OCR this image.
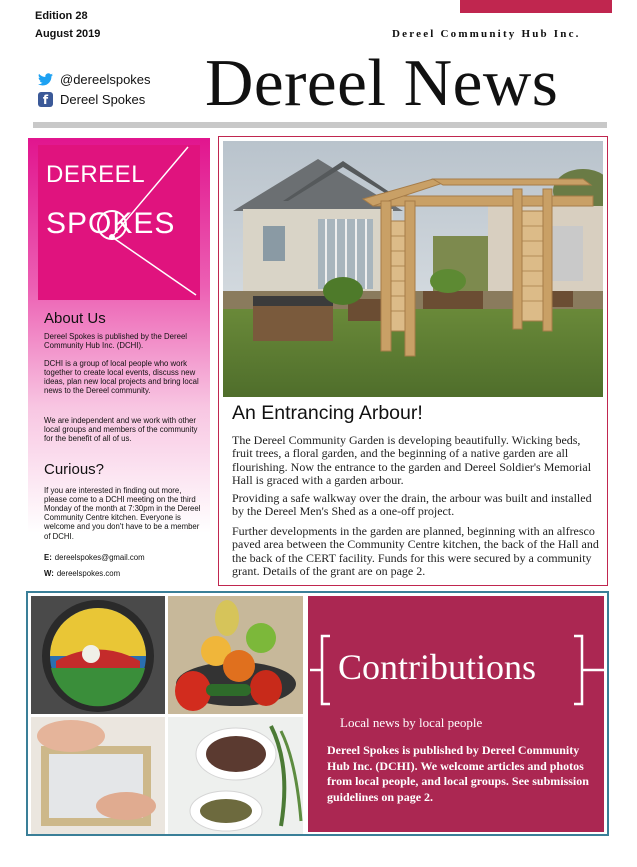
Edition 28
August 2019	Dereel Community Hub Inc.
@dereelspokes
f Dereel Spokes Dereel News
DEREEL
SPOKES
About Us
Dereel Spokes is published by the Dereel Community Hub Inc. (DCHI).
DCHI is a group of local people who work together to create local events, discuss new ideas, plan new local projects and bring local news to the Dereel community.
We are independent and we work with other local groups and members of the community for the benefit of all of us.
Curious?
If you are interested in finding out more, please come to a DCHI meeting on the third Monday of the month at 7:30pm in the Dereel Community Centre kitchen. Everyone is welcome and you don't have to be a member of DCHI.
E: dereelspokes@gmail.com
W: dereelspokes.com
An Entrancing Arbour!
The Dereel Community Garden is developing beautifully. Wicking beds, fruit trees, a floral garden, and the beginning of a native garden are all flourishing. Now the entrance to the garden and Dereel Soldier's Memorial Hall is graced with a garden arbour.
Providing a safe walkway over the drain, the arbour was built and installed by the Dereel Men's Shed as a one-off project.
Further developments in the garden are planned, beginning with an alfresco paved area between the Community Centre kitchen, the back of the Hall and the back of the CERT facility. Funds for this were secured by a community grant. Details of the grant are on page 2.
Contributions
Local news by local people
Dereel Spokes is published by Dereel Community Hub Inc. (DCHI). We welcome articles and photos from local people, and local groups. See submission guidelines on page 2.
